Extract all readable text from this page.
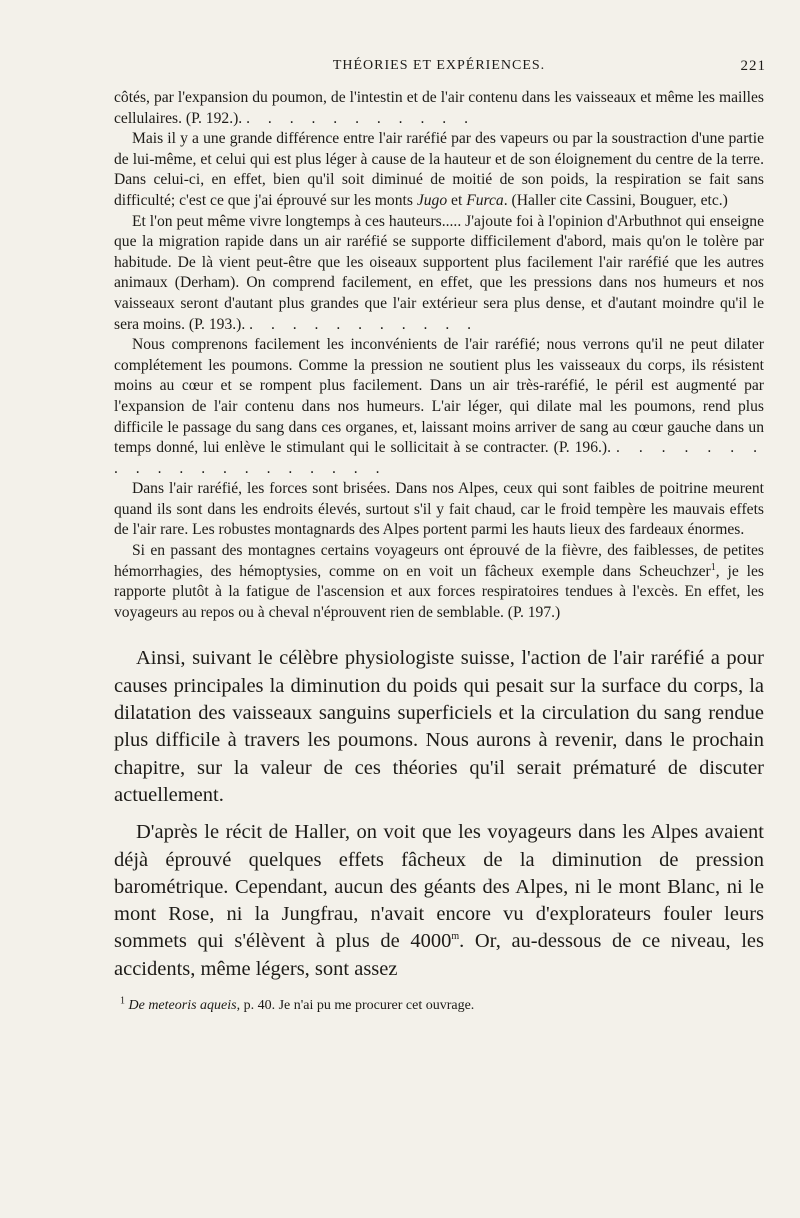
THÉORIES ET EXPÉRIENCES.	221

côtés, par l'expansion du poumon, de l'intestin et de l'air contenu dans les vaisseaux et même les mailles cellulaires. (P. 192.). . . . . . . . . . . .

Mais il y a une grande différence entre l'air raréfié par des vapeurs ou par la soustraction d'une partie de lui-même, et celui qui est plus léger à cause de la hauteur et de son éloignement du centre de la terre. Dans celui-ci, en effet, bien qu'il soit diminué de moitié de son poids, la respiration se fait sans difficulté; c'est ce que j'ai éprouvé sur les monts Jugo et Furca. (Haller cite Cassini, Bouguer, etc.)

Et l'on peut même vivre longtemps à ces hauteurs..... J'ajoute foi à l'opinion d'Arbuthnot qui enseigne que la migration rapide dans un air raréfié se supporte difficilement d'abord, mais qu'on le tolère par habitude. De là vient peut-être que les oiseaux supportent plus facilement l'air raréfié que les autres animaux (Derham). On comprend facilement, en effet, que les pressions dans nos humeurs et nos vaisseaux seront d'autant plus grandes que l'air extérieur sera plus dense, et d'autant moindre qu'il le sera moins. (P. 193.). . . . . . . . . . . .

Nous comprenons facilement les inconvénients de l'air raréfié; nous verrons qu'il ne peut dilater complétement les poumons. Comme la pression ne soutient plus les vaisseaux du corps, ils résistent moins au cœur et se rompent plus facilement. Dans un air très-raréfié, le péril est augmenté par l'expansion de l'air contenu dans nos humeurs. L'air léger, qui dilate mal les poumons, rend plus difficile le passage du sang dans ces organes, et, laissant moins arriver de sang au cœur gauche dans un temps donné, lui enlève le stimulant qui le sollicitait à se contracter. (P. 196.). . . . . . . . . . . . . . . . . . . . .

Dans l'air raréfié, les forces sont brisées. Dans nos Alpes, ceux qui sont faibles de poitrine meurent quand ils sont dans les endroits élevés, surtout s'il y fait chaud, car le froid tempère les mauvais effets de l'air rare. Les robustes montagnards des Alpes portent parmi les hauts lieux des fardeaux énormes.

Si en passant des montagnes certains voyageurs ont éprouvé de la fièvre, des faiblesses, de petites hémorrhagies, des hémoptysies, comme on en voit un fâcheux exemple dans Scheuchzer$^1$, je les rapporte plutôt à la fatigue de l'ascension et aux forces respiratoires tendues à l'excès. En effet, les voyageurs au repos ou à cheval n'éprouvent rien de semblable. (P. 197.)

Ainsi, suivant le célèbre physiologiste suisse, l'action de l'air raréfié a pour causes principales la diminution du poids qui pesait sur la surface du corps, la dilatation des vaisseaux sanguins superficiels et la circulation du sang rendue plus difficile à travers les poumons. Nous aurons à revenir, dans le prochain chapitre, sur la valeur de ces théories qu'il serait prématuré de discuter actuellement.

D'après le récit de Haller, on voit que les voyageurs dans les Alpes avaient déjà éprouvé quelques effets fâcheux de la diminution de pression barométrique. Cependant, aucun des géants des Alpes, ni le mont Blanc, ni le mont Rose, ni la Jungfrau, n'avait encore vu d'explorateurs fouler leurs sommets qui s'élèvent à plus de 4000$^m$. Or, au-dessous de ce niveau, les accidents, même légers, sont assez

$^1$ De meteoris aqueis, p. 40. Je n'ai pu me procurer cet ouvrage.
